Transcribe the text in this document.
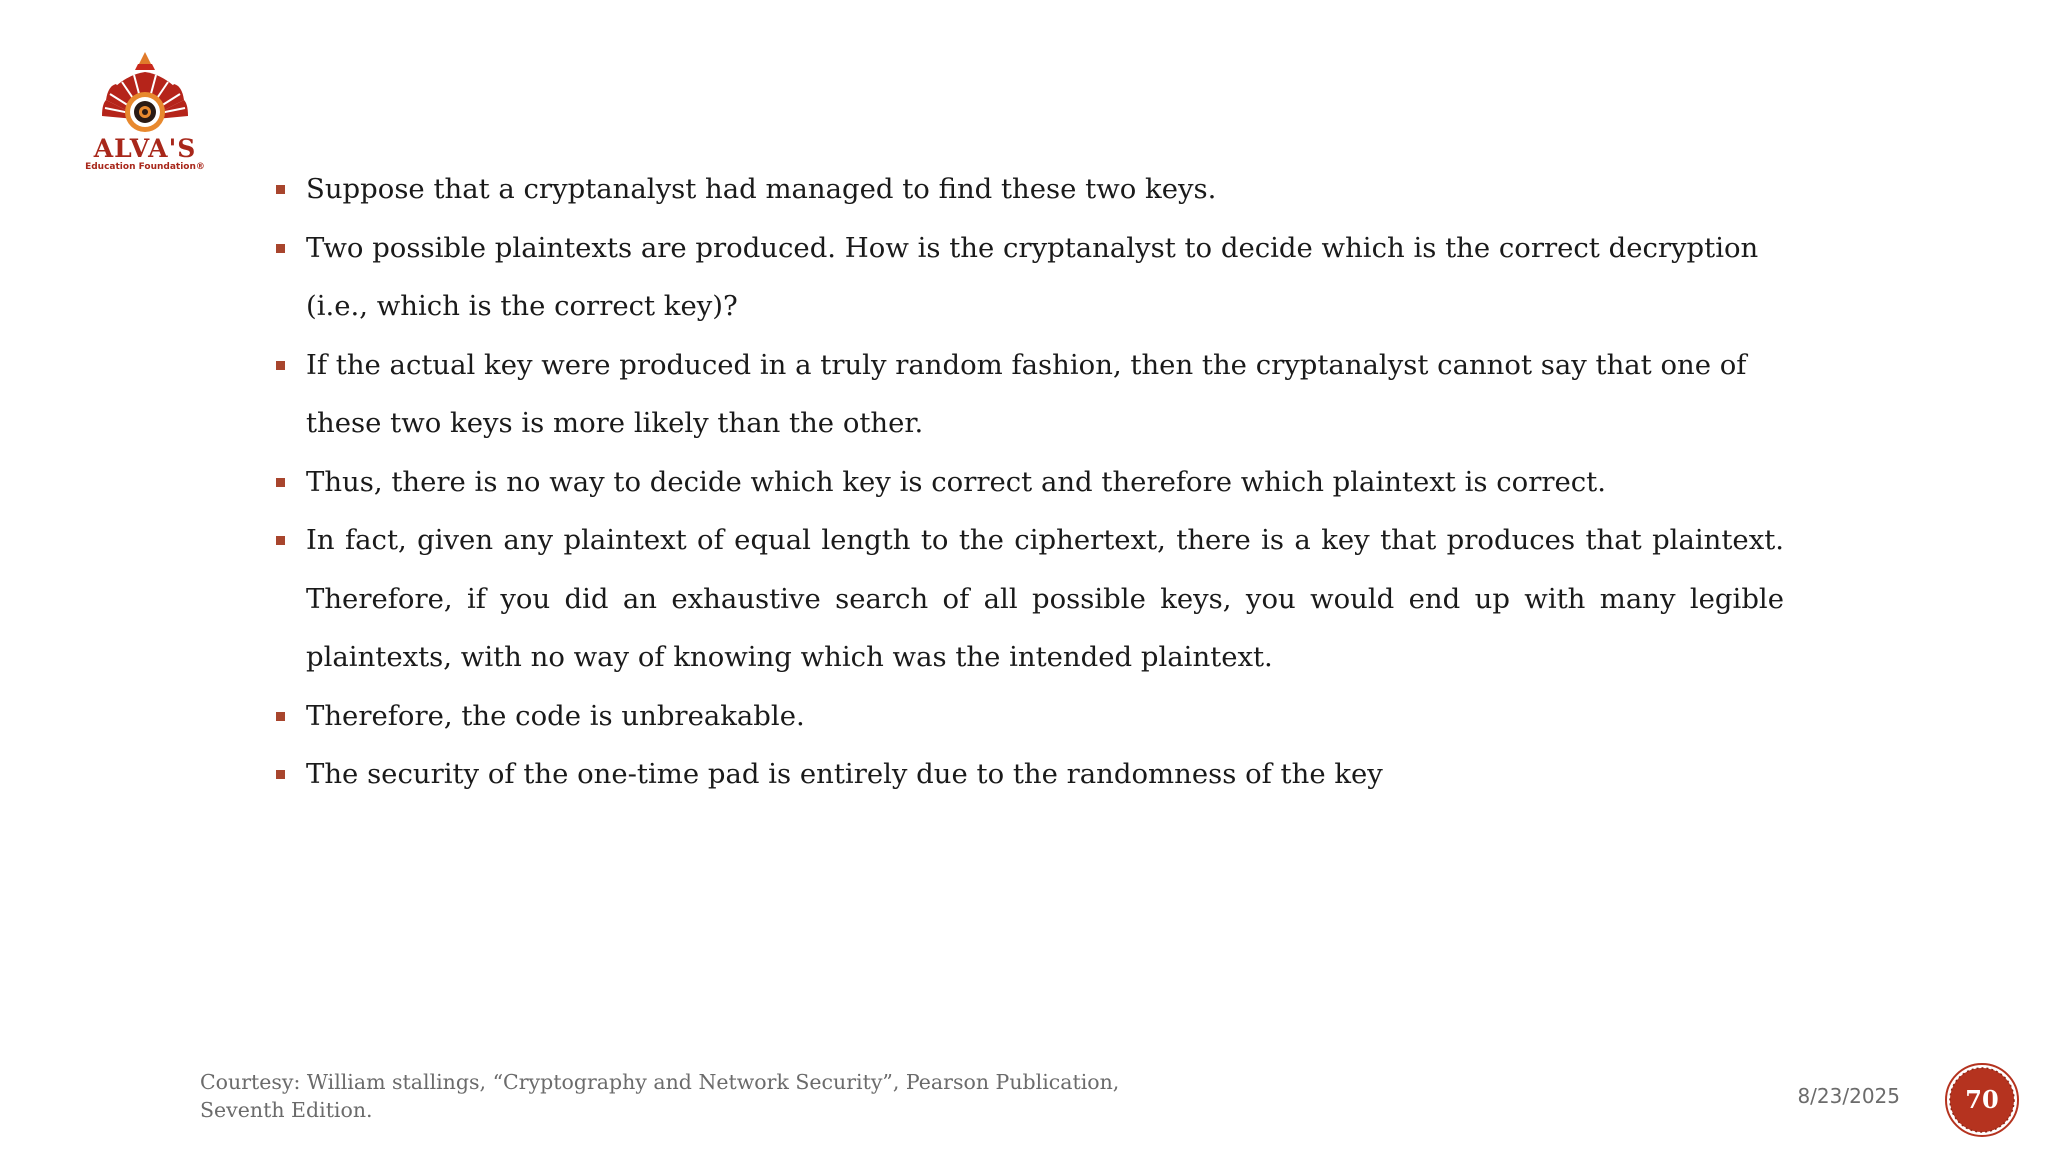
ALVA'S
Education Foundation®
Suppose that a cryptanalyst had managed to find these two keys.
Two possible plaintexts are produced. How is the cryptanalyst to decide which is the correct decryption (i.e., which is the correct key)?
If the actual key were produced in a truly random fashion, then the cryptanalyst cannot say that one of these two keys is more likely than the other.
Thus, there is no way to decide which key is correct and therefore which plaintext is correct.
In fact, given any plaintext of equal length to the ciphertext, there is a key that produces that plaintext. Therefore, if you did an exhaustive search of all possible keys, you would end up with many legible plaintexts, with no way of knowing which was the intended plaintext.
Therefore, the code is unbreakable.
The security of the one-time pad is entirely due to the randomness of the key
Courtesy: William stallings, “Cryptography and Network Security”, Pearson Publication,
Seventh Edition.
8/23/2025	70
